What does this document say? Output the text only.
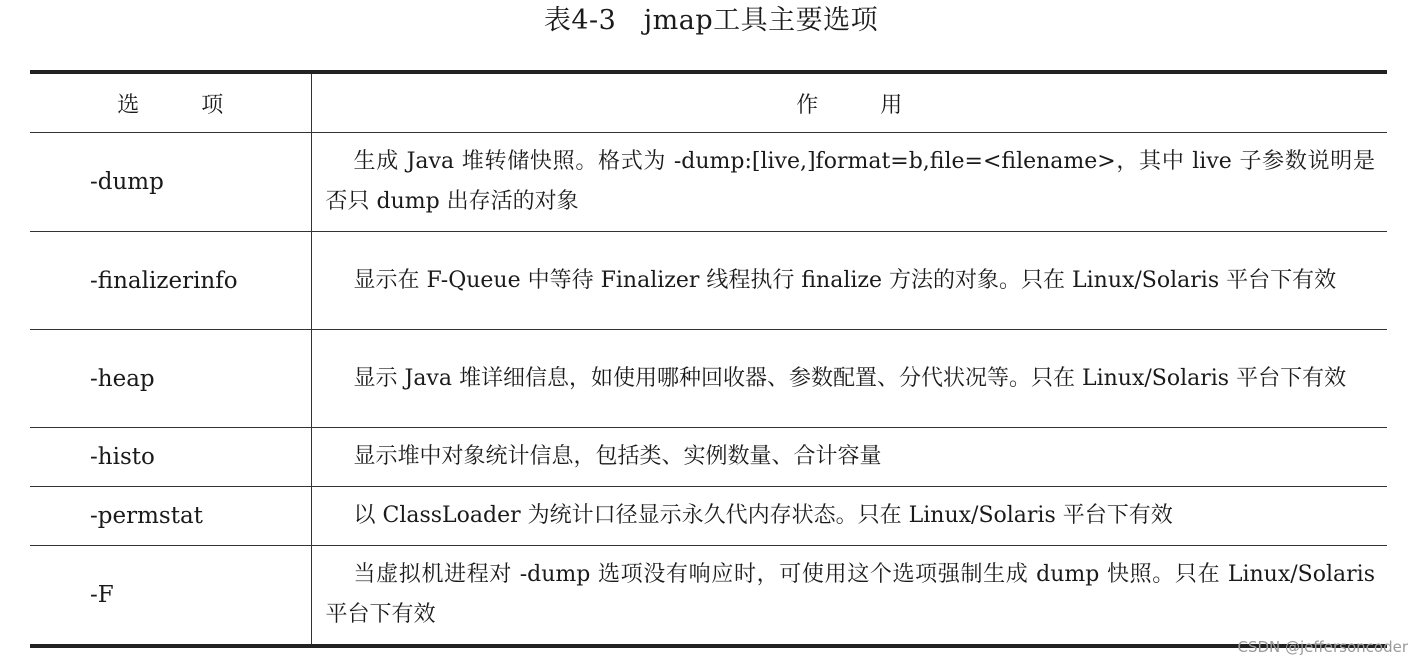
表4-3　jmap工具主要选项
选 项	作 用
-dump	生成 Java 堆转储快照。格式为 -dump:[live,]format=b,file=<filename>，其中 live 子参数说明是否只 dump 出存活的对象
-finalizerinfo	显示在 F-Queue 中等待 Finalizer 线程执行 finalize 方法的对象。只在 Linux/Solaris 平台下有效
-heap	显示 Java 堆详细信息，如使用哪种回收器、参数配置、分代状况等。只在 Linux/Solaris 平台下有效
-histo	显示堆中对象统计信息，包括类、实例数量、合计容量
-permstat	以 ClassLoader 为统计口径显示永久代内存状态。只在 Linux/Solaris 平台下有效
-F	当虚拟机进程对 -dump 选项没有响应时，可使用这个选项强制生成 dump 快照。只在 Linux/Solaris 平台下有效
CSDN @jeffersoncoder
